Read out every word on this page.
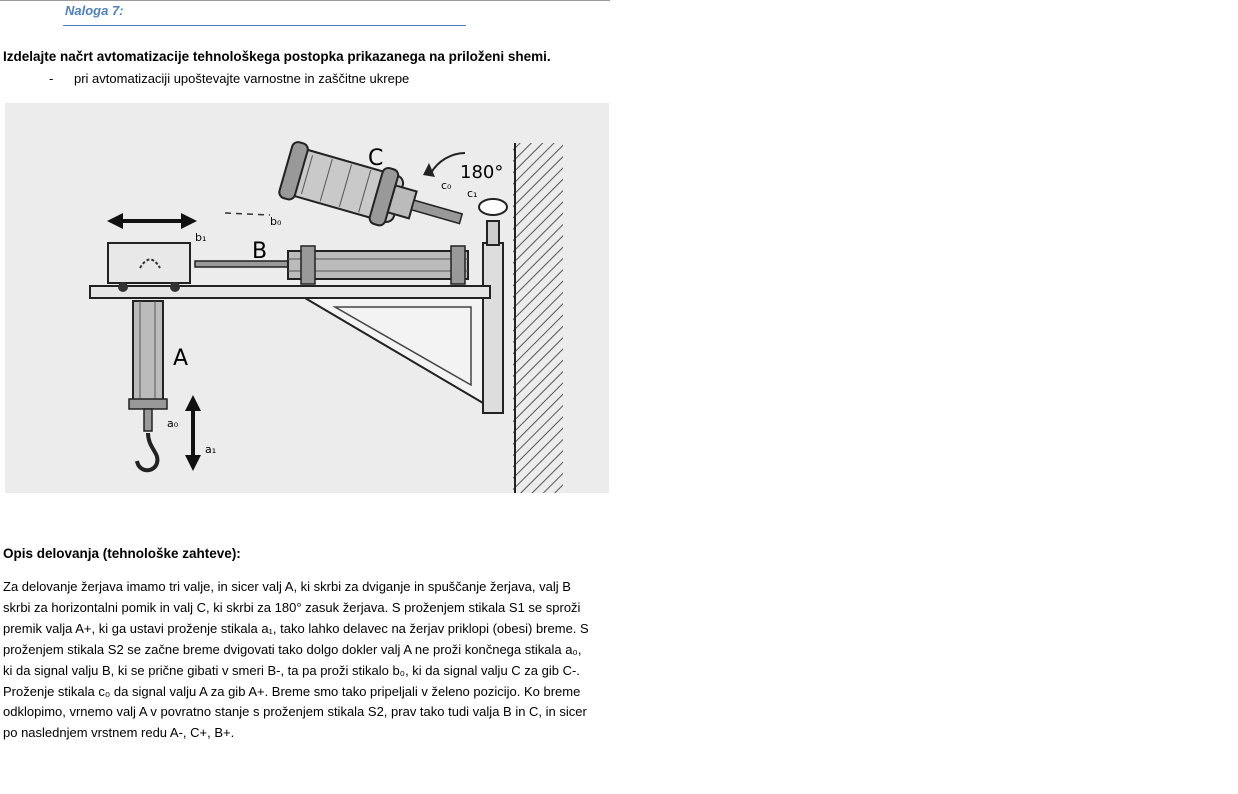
Naloga 7:
Izdelajte načrt avtomatizacije tehnološkega postopka prikazanega na priloženi shemi.
- pri avtomatizaciji upoštevajte varnostne in zaščitne ukrepe
C
180°
B
A
b₁
b₀
a₀
a₁
c₀
c₁
Opis delovanja (tehnološke zahteve):
Za delovanje žerjava imamo tri valje, in sicer valj A, ki skrbi za dviganje in spuščanje žerjava, valj B
skrbi za horizontalni pomik in valj C, ki skrbi za 180° zasuk žerjava. S proženjem stikala S1 se sproži
premik valja A+, ki ga ustavi proženje stikala a₁, tako lahko delavec na žerjav priklopi (obesi) breme. S
proženjem stikala S2 se začne breme dvigovati tako dolgo dokler valj A ne proži končnega stikala a₀,
ki da signal valju B, ki se prične gibati v smeri B-, ta pa proži stikalo b₀, ki da signal valju C za gib C-.
Proženje stikala c₀ da signal valju A za gib A+. Breme smo tako pripeljali v želeno pozicijo. Ko breme
odklopimo, vrnemo valj A v povratno stanje s proženjem stikala S2, prav tako tudi valja B in C, in sicer
po naslednjem vrstnem redu A-, C+, B+.
